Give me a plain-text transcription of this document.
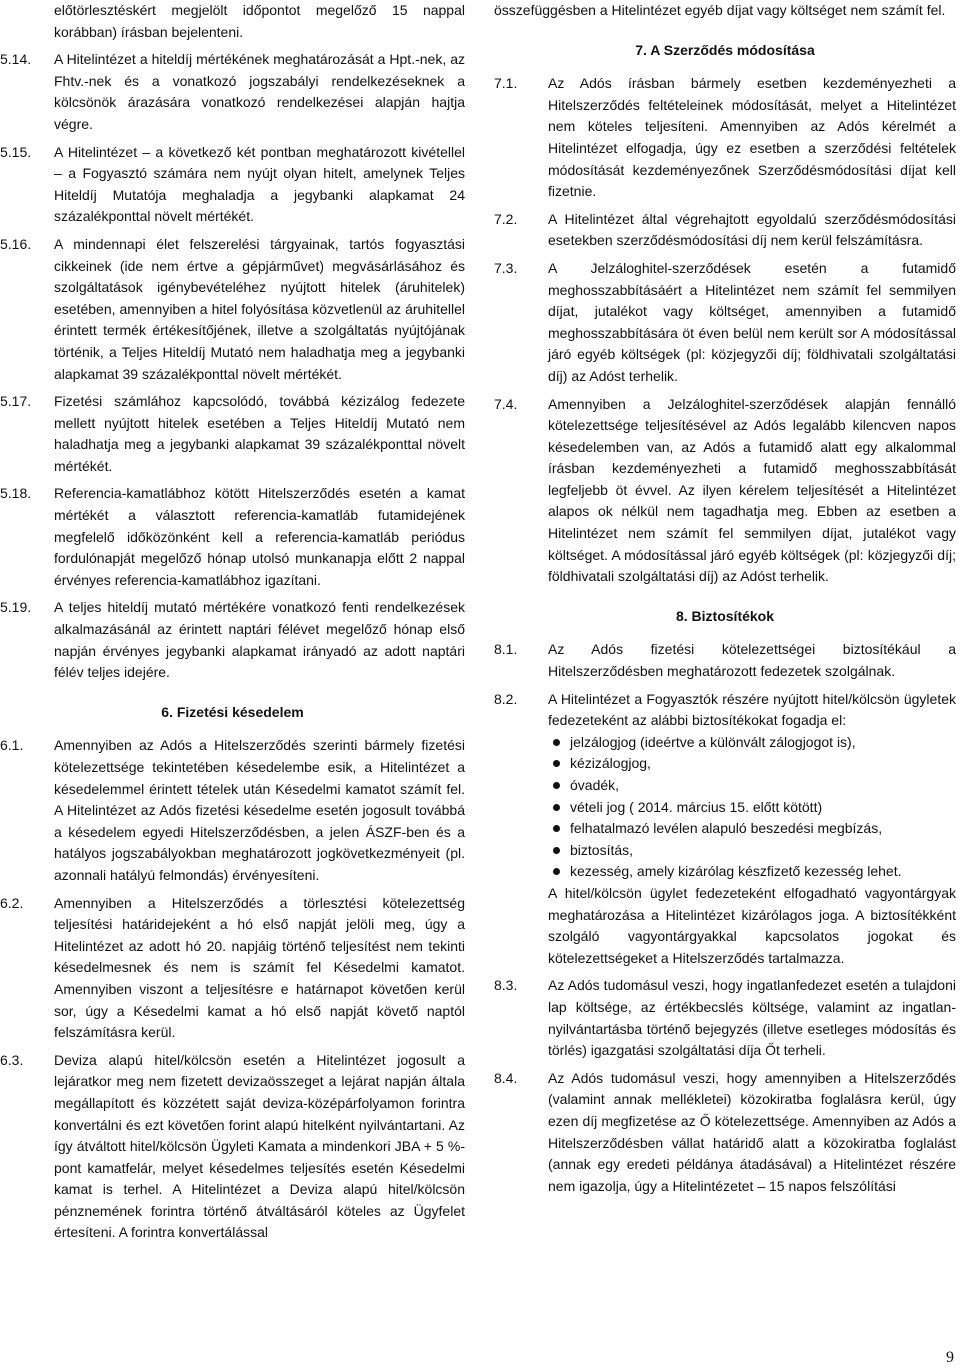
előtörlesztéskért megjelölt időpontot megelőző 15 nappal korábban) írásban bejelenteni.
5.14.	A Hitelintézet a hiteldíj mértékének meghatározását a Hpt.-nek, az Fhtv.-nek és a vonatkozó jogszabályi rendelkezéseknek a kölcsönök árazására vonatkozó rendelkezései alapján hajtja végre.
5.15.	A Hitelintézet – a következő két pontban meghatározott kivétellel – a Fogyasztó számára nem nyújt olyan hitelt, amelynek Teljes Hiteldíj Mutatója meghaladja a jegybanki alapkamat 24 százalékponttal növelt mértékét.
5.16.	A mindennapi élet felszerelési tárgyainak, tartós fogyasztási cikkeinek (ide nem értve a gépjárművet) megvásárlásához és szolgáltatások igénybevételéhez nyújtott hitelek (áruhitelek) esetében, amennyiben a hitel folyósítása közvetlenül az áruhitellel érintett termék értékesítőjének, illetve a szolgáltatás nyújtójának történik, a Teljes Hiteldíj Mutató nem haladhatja meg a jegybanki alapkamat 39 százalékponttal növelt mértékét.
5.17.	Fizetési számlához kapcsolódó, továbbá kézizálog fedezete mellett nyújtott hitelek esetében a Teljes Hiteldíj Mutató nem haladhatja meg a jegybanki alapkamat 39 százalékponttal növelt mértékét.
5.18.	Referencia-kamatlábhoz kötött Hitelszerződés esetén a kamat mértékét a választott referencia-kamatláb futamidejének megfelelő időközönként kell a referencia-kamatláb periódus fordulónapját megelőző hónap utolsó munkanapja előtt 2 nappal érvényes referencia-kamatlábhoz igazítani.
5.19.	A teljes hiteldíj mutató mértékére vonatkozó fenti rendelkezések alkalmazásánál az érintett naptári félévet megelőző hónap első napján érvényes jegybanki alapkamat irányadó az adott naptári félév teljes idejére.
6. Fizetési késedelem
6.1.	Amennyiben az Adós a Hitelszerződés szerinti bármely fizetési kötelezettsége tekintetében késedelembe esik, a Hitelintézet a késedelemmel érintett tételek után Késedelmi kamatot számít fel. A Hitelintézet az Adós fizetési késedelme esetén jogosult továbbá a késedelem egyedi Hitelszerződésben, a jelen ÁSZF-ben és a hatályos jogszabályokban meghatározott jogkövetkezményeit (pl. azonnali hatályú felmondás) érvényesíteni.
6.2.	Amennyiben a Hitelszerződés a törlesztési kötelezettség teljesítési határidejeként a hó első napját jelöli meg, úgy a Hitelintézet az adott hó 20. napjáig történő teljesítést nem tekinti késedelmesnek és nem is számít fel Késedelmi kamatot. Amennyiben viszont a teljesítésre e határnapot követően kerül sor, úgy a Késedelmi kamat a hó első napját követő naptól felszámításra kerül.
6.3.	Deviza alapú hitel/kölcsön esetén a Hitelintézet jogosult a lejáratkor meg nem fizetett devizaösszeget a lejárat napján általa megállapított és közzétett saját deviza-középárfolyamon forintra konvertálni és ezt követően forint alapú hitelként nyilvántartani. Az így átváltott hitel/kölcsön Ügyleti Kamata a mindenkori JBA + 5 %-pont kamatfelár, melyet késedelmes teljesítés esetén Késedelmi kamat is terhel. A Hitelintézet a Deviza alapú hitel/kölcsön pénznemének forintra történő átváltásáról köteles az Ügyfelet értesíteni. A forintra konvertálással
összefüggésben a Hitelintézet egyéb díjat vagy költséget nem számít fel.
7. A Szerződés módosítása
7.1.	Az Adós írásban bármely esetben kezdeményezheti a Hitelszerződés feltételeinek módosítását, melyet a Hitelintézet nem köteles teljesíteni. Amennyiben az Adós kérelmét a Hitelintézet elfogadja, úgy ez esetben a szerződési feltételek módosítását kezdeményezőnek Szerződésmódosítási díjat kell fizetnie.
7.2.	A Hitelintézet által végrehajtott egyoldalú szerződésmódosítási esetekben szerződésmódosítási díj nem kerül felszámításra.
7.3.	A Jelzáloghitel-szerződések esetén a futamidő meghosszabbításáért a Hitelintézet nem számít fel semmilyen díjat, jutalékot vagy költséget, amennyiben a futamidő meghosszabbítására öt éven belül nem került sor A módosítással járó egyéb költségek (pl: közjegyzői díj; földhivatali szolgáltatási díj) az Adóst terhelik.
7.4.	Amennyiben a Jelzáloghitel-szerződések alapján fennálló kötelezettsége teljesítésével az Adós legalább kilencven napos késedelemben van, az Adós a futamidő alatt egy alkalommal írásban kezdeményezheti a futamidő meghosszabbítását legfeljebb öt évvel. Az ilyen kérelem teljesítését a Hitelintézet alapos ok nélkül nem tagadhatja meg. Ebben az esetben a Hitelintézet nem számít fel semmilyen díjat, jutalékot vagy költséget. A módosítással járó egyéb költségek (pl: közjegyzői díj; földhivatali szolgáltatási díj) az Adóst terhelik.
8. Biztosítékok
8.1.	Az Adós fizetési kötelezettségei biztosítékául a Hitelszerződésben meghatározott fedezetek szolgálnak.
8.2.	A Hitelintézet a Fogyasztók részére nyújtott hitel/kölcsön ügyletek fedezeteként az alábbi biztosítékokat fogadja el:
jelzálogjog (ideértve a különvált zálogjogot is),
kézizálogjog,
óvadék,
vételi jog ( 2014. március 15. előtt kötött)
felhatalmazó levélen alapuló beszedési megbízás,
biztosítás,
kezesség, amely kizárólag készfizető kezesség lehet.
A hitel/kölcsön ügylet fedezeteként elfogadható vagyontárgyak meghatározása a Hitelintézet kizárólagos joga. A biztosítékként szolgáló vagyontárgyakkal kapcsolatos jogokat és kötelezettségeket a Hitelszerződés tartalmazza.
8.3.	Az Adós tudomásul veszi, hogy ingatlanfedezet esetén a tulajdoni lap költsége, az értékbecslés költsége, valamint az ingatlan-nyilvántartásba történő bejegyzés (illetve esetleges módosítás és törlés) igazgatási szolgáltatási díja Őt terheli.
8.4.	Az Adós tudomásul veszi, hogy amennyiben a Hitelszerződés (valamint annak mellékletei) közokiratba foglalásra kerül, úgy ezen díj megfizetése az Ő kötelezettsége. Amennyiben az Adós a Hitelszerződésben vállat határidő alatt a közokiratba foglalást (annak egy eredeti példánya átadásával) a Hitelintézet részére nem igazolja, úgy a Hitelintézetet – 15 napos felszólítási
9
